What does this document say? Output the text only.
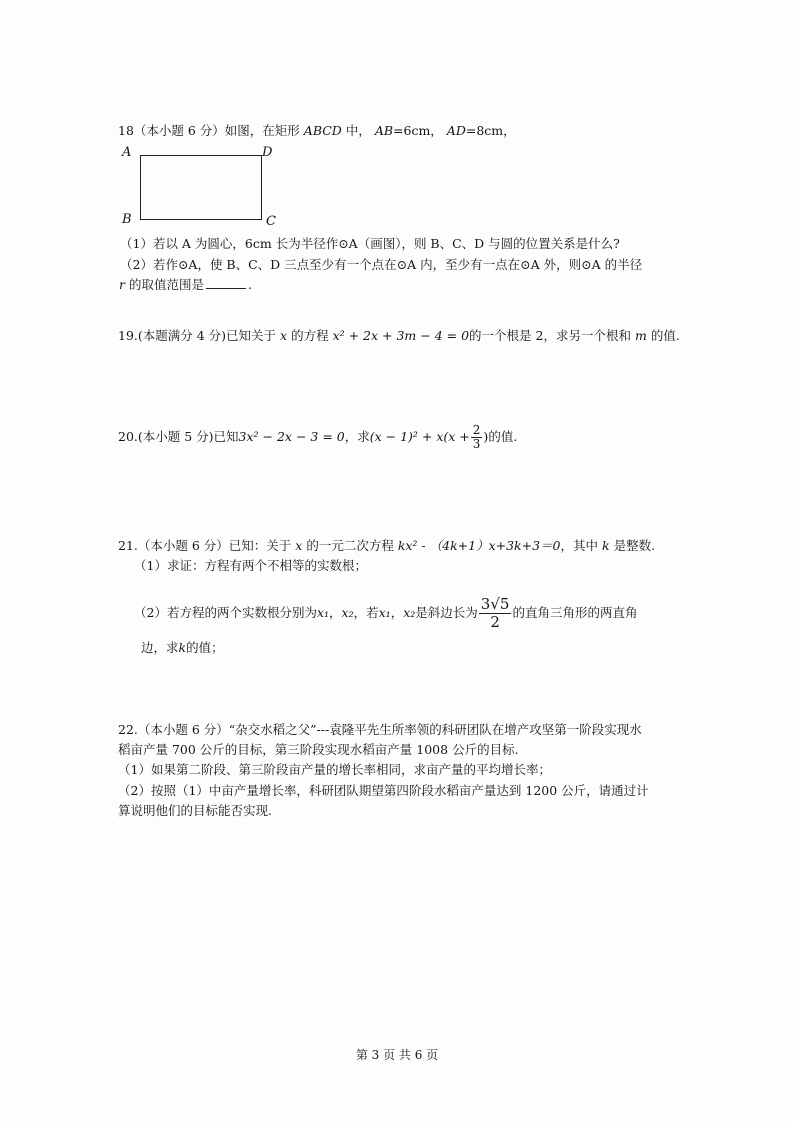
18（本小题 6 分）如图，在矩形 ABCD 中， AB=6cm， AD=8cm，
A	D
B	C
（1）若以 A 为圆心，6cm 长为半径作⊙A（画图），则 B、C、D 与圆的位置关系是什么?
（2）若作⊙A，使 B、C、D 三点至少有一个点在⊙A 内，至少有一点在⊙A 外，则⊙A 的半径
r 的取值范围是	.
19.(本题满分 4 分)已知关于 x 的方程 x² + 2x + 3m − 4 = 0的一个根是 2，求另一个根和 m 的值.
20.(本小题 5 分)已知3x² − 2x − 3 = 0，求$(x - 1)^2 + x(x + \frac{2}{3}$ )的值.
21.（本小题 6 分）已知：关于 x 的一元二次方程 kx² - （4k+1）x+3k+3＝0，其中 k 是整数.
（1）求证：方程有两个不相等的实数根；
（2）若方程的两个实数根分别为x₁，x₂，若x₁，x₂是斜边长为 $\frac{3√5}{2}$ 的直角三角形的两直角
边，求k的值；
22.（本小题 6 分）“杂交水稻之父”---袁隆平先生所率领的科研团队在增产攻坚第一阶段实现水
稻亩产量 700 公斤的目标，第三阶段实现水稻亩产量 1008 公斤的目标.
（1）如果第二阶段、第三阶段亩产量的增长率相同，求亩产量的平均增长率；
（2）按照（1）中亩产量增长率，科研团队期望第四阶段水稻亩产量达到 1200 公斤，请通过计
算说明他们的目标能否实现.
第 3 页 共 6 页
